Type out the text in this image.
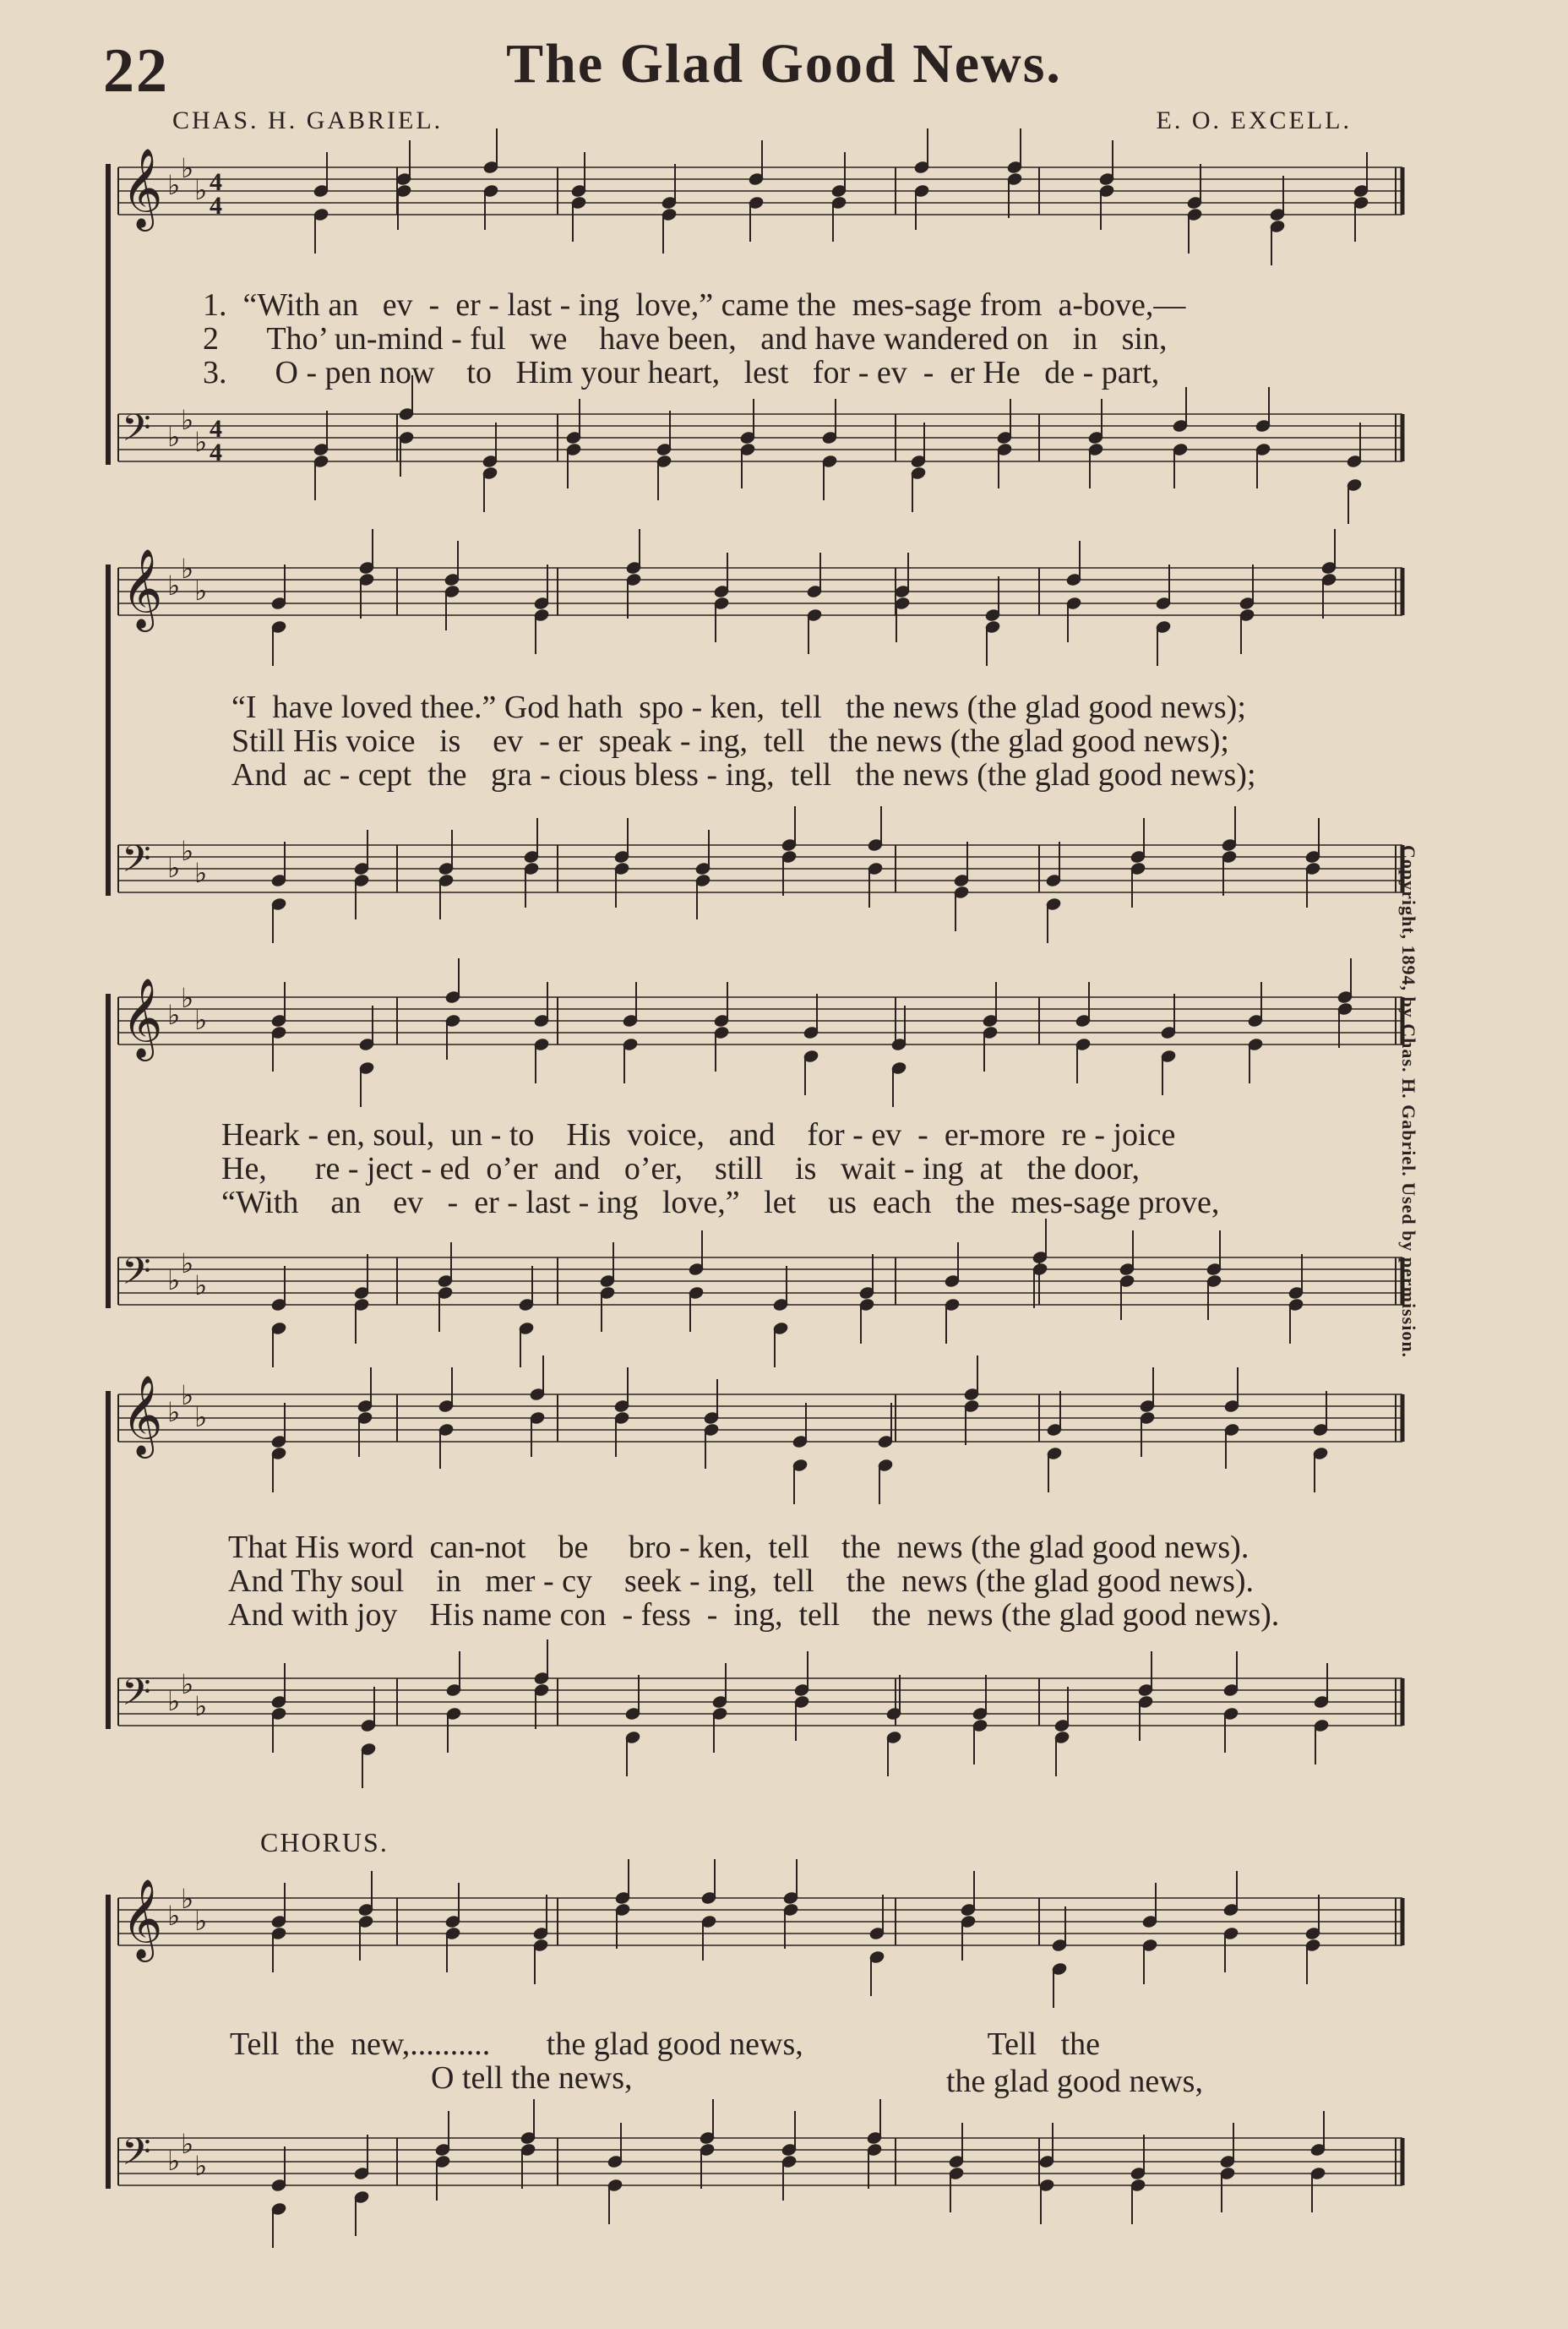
22	The Glad Good News.
CHAS. H. GABRIEL.	E. O. EXCELL.
𝄞 ♭
♭
♭ 4
4
𝄢 ♭
♭
♭ 4
4
𝄞 ♭
♭
♭
𝄢 ♭
♭
♭
𝄞 ♭
♭
♭
𝄢 ♭
♭
♭
𝄞 ♭
♭
♭
𝄢 ♭
♭
♭
𝄞 ♭
♭
♭
𝄢 ♭
♭
♭
1.  “With an   ev  -  er - last - ing  love,” came the  mes-sage from  a-bove,—
2      Tho’ un-mind - ful   we    have been,   and have wandered on   in   sin,
3.      O - pen now    to   Him your heart,   lest   for - ev  -  er He   de - part,
“I  have loved thee.” God hath  spo - ken,  tell   the news (the glad good news);
Still His voice   is    ev  - er  speak - ing,  tell   the news (the glad good news);
And  ac - cept  the   gra - cious bless - ing,  tell   the news (the glad good news);
Heark - en, soul,  un - to    His  voice,   and    for - ev  -  er-more  re - joice
He,      re - ject - ed  o’er  and   o’er,    still    is   wait - ing  at   the door,
“With    an    ev   -  er - last - ing   love,”   let    us  each   the  mes-sage prove,
That His word  can-not    be     bro - ken,  tell    the  news (the glad good news).
And Thy soul    in   mer - cy    seek - ing,  tell    the  news (the glad good news).
And with joy    His name con  - fess  -  ing,  tell    the  news (the glad good news).
CHORUS.
Tell  the  new,..........       the glad good news,                       Tell   the
O tell the news,	the glad good news,
Copyright, 1894, by Chas. H. Gabriel. Used by permission.
